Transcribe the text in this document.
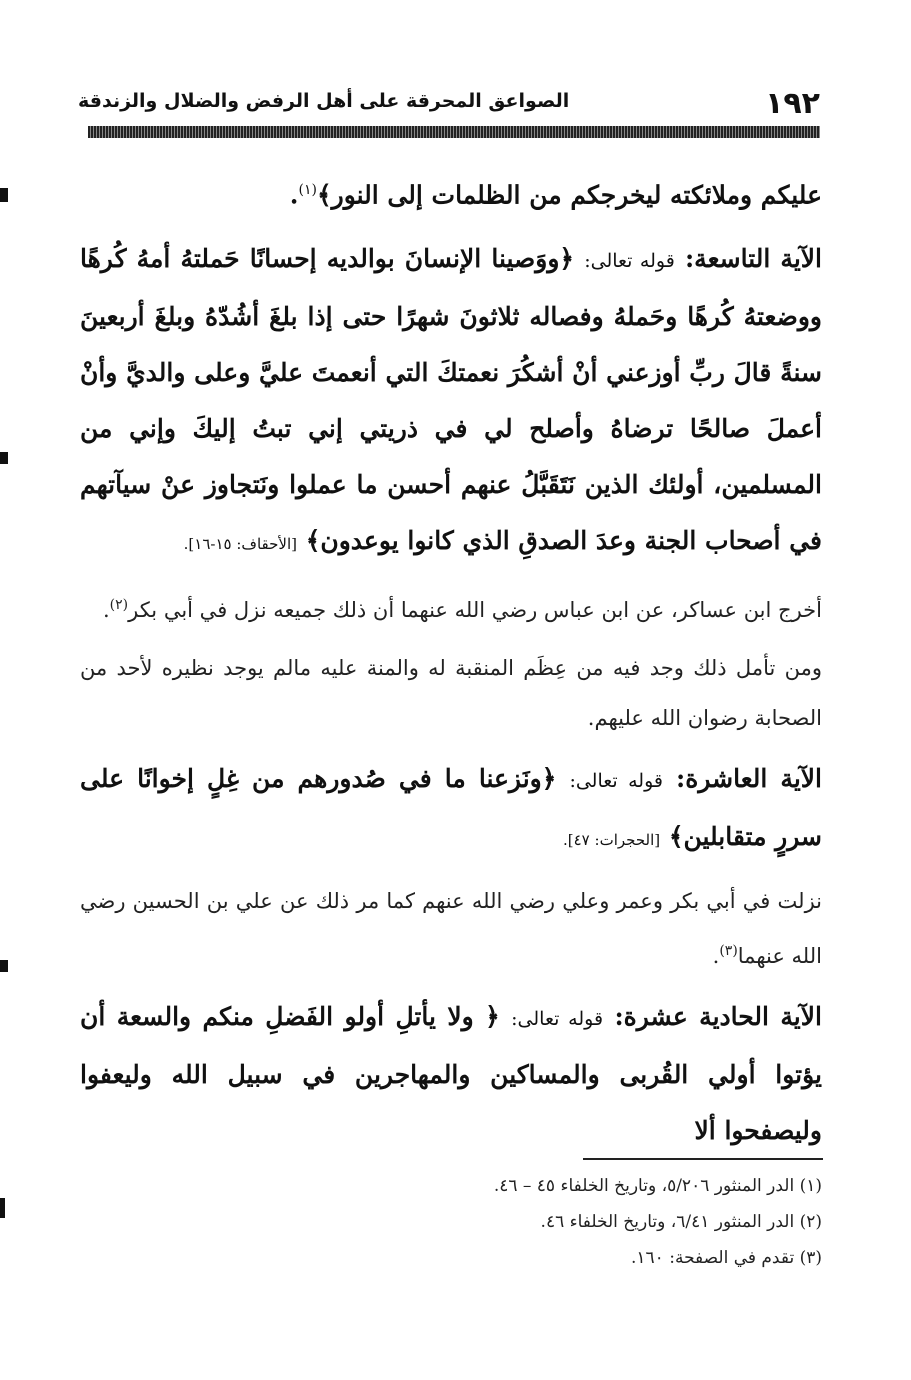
١٩٢
الصواعق المحرقة على أهل الرفض والضلال والزندقة

عليكم وملائكته ليخرجكم من الظلمات إلى النور﴾$^{(١)}$.

الآية التاسعة: قوله تعالى: ﴿ووَصينا الإنسانَ بوالديه إحسانًا حَملتهُ أمهُ كُرهًا ووضعتهُ كُرهًا وحَملهُ وفصاله ثلاثونَ شهرًا حتى إذا بلغَ أشُدّهُ وبلغَ أربعينَ سنةً قالَ ربِّ أوزعني أنْ أشكُرَ نعمتكَ التي أنعمتَ عليَّ وعلى والديَّ وأنْ أعملَ صالحًا ترضاهُ وأصلح لي في ذريتي إني تبتُ إليكَ وإني من المسلمين، أولئك الذين نَتَقَبَّلُ عنهم أحسن ما عملوا ونَتجاوز عنْ سيآتهم في أصحاب الجنة وعدَ الصدقِ الذي كانوا يوعدون﴾ [الأحقاف: ١٥-١٦].

أخرج ابن عساكر، عن ابن عباس رضي الله عنهما أن ذلك جميعه نزل في أبي بكر$^{(٢)}$.

ومن تأمل ذلك وجد فيه من عِظَم المنقبة له والمنة عليه مالم يوجد نظيره لأحد من الصحابة رضوان الله عليهم.

الآية العاشرة: قوله تعالى: ﴿ونَزعنا ما في صُدورهم من غِلٍ إخوانًا على سررٍ متقابلين﴾ [الحجرات: ٤٧].

نزلت في أبي بكر وعمر وعلي رضي الله عنهم كما مر ذلك عن علي بن الحسين رضي الله عنهما$^{(٣)}$.

الآية الحادية عشرة: قوله تعالى: ﴿ ولا يأتلِ أولو الفَضلِ منكم والسعة أن يؤتوا أولي القُربى والمساكين والمهاجرين في سبيل الله وليعفوا وليصفحوا ألا

(١) الدر المنثور ٥/٢٠٦، وتاريخ الخلفاء ٤٥ – ٤٦.
(٢) الدر المنثور ٦/٤١، وتاريخ الخلفاء ٤٦.
(٣) تقدم في الصفحة: ١٦٠.
